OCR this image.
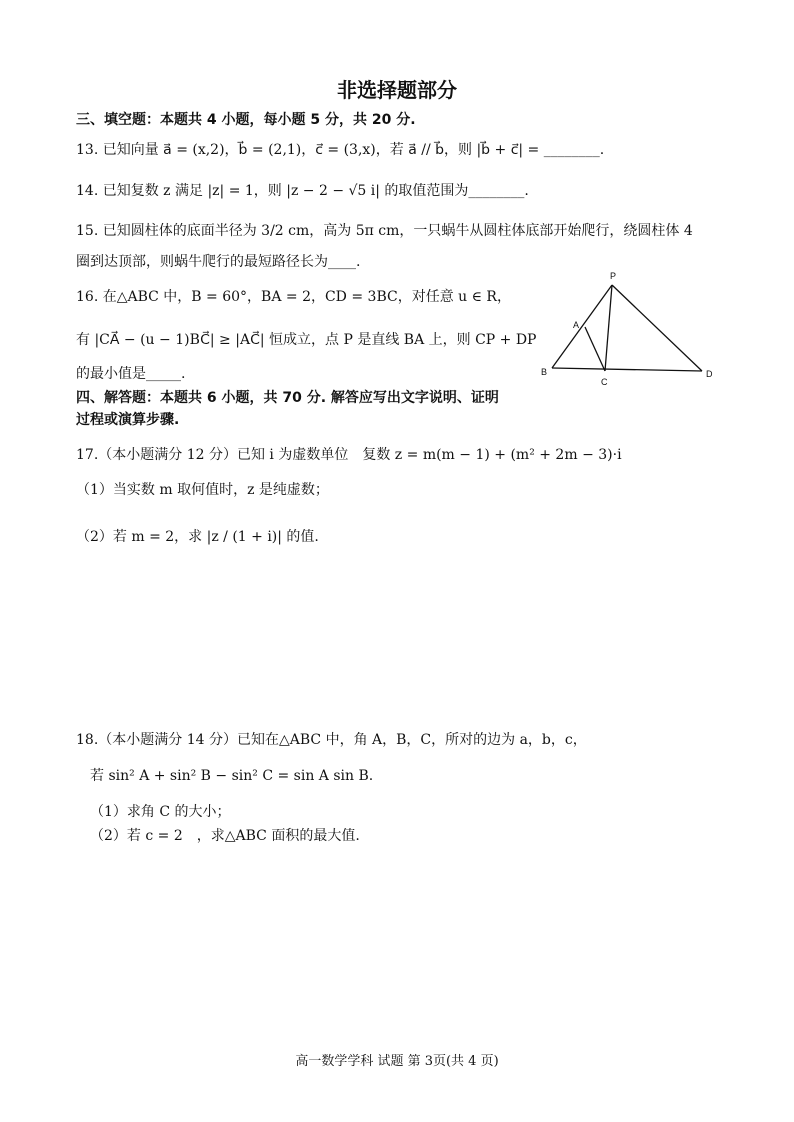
非选择题部分
三、填空题：本题共 4 小题，每小题 5 分，共 20 分.
13. 已知向量 a⃗ = (x,2)，b⃗ = (2,1)，c⃗ = (3,x)，若 a⃗ // b⃗，则 |b⃗ + c⃗| = ________.
14. 已知复数 z 满足 |z| = 1，则 |z − 2 − √5 i| 的取值范围为________.
15. 已知圆柱体的底面半径为 3/2 cm，高为 5π cm，一只蜗牛从圆柱体底部开始爬行，绕圆柱体 4
圈到达顶部，则蜗牛爬行的最短路径长为____.
16. 在△ABC 中，B = 60°，BA = 2，CD = 3BC，对任意 u ∈ R，
有 |CA⃗ − (u − 1)BC⃗| ≥ |AC⃗| 恒成立，点 P 是直线 BA 上，则 CP + DP
的最小值是_____.
四、解答题：本题共 6 小题，共 70 分. 解答应写出文字说明、证明
过程或演算步骤.
P
A
B
C
D
17.（本小题满分 12 分）已知 i 为虚数单位　复数 z = m(m − 1) + (m² + 2m − 3)·i
（1）当实数 m 取何值时，z 是纯虚数；
（2）若 m = 2，求 |z / (1 + i)| 的值.
18.（本小题满分 14 分）已知在△ABC 中，角 A，B，C，所对的边为 a，b，c，
若 sin² A + sin² B − sin² C = sin A sin B.
（1）求角 C 的大小；
（2）若 c = 2　，求△ABC 面积的最大值.
高一数学学科 试题 第 3页(共 4 页)
